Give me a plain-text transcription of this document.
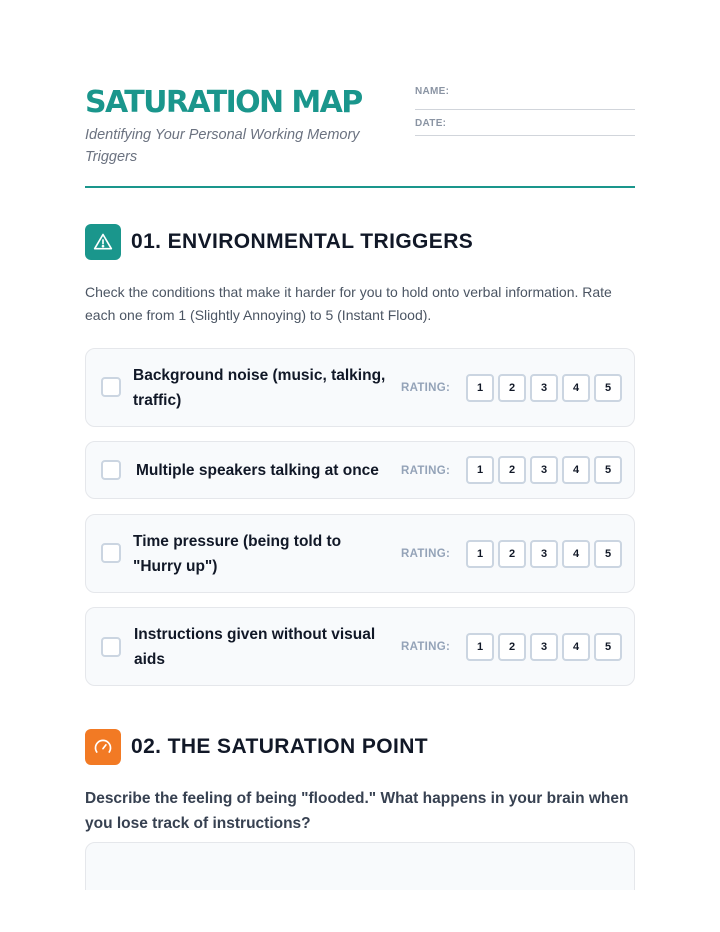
SATURATION MAP
Identifying Your Personal Working Memory Triggers
NAME:
DATE:
01. ENVIRONMENTAL TRIGGERS
Check the conditions that make it harder for you to hold onto verbal information. Rate each one from 1 (Slightly Annoying) to 5 (Instant Flood).
Background noise (music, talking, traffic)
RATING:	1	2	3	4	5
Multiple speakers talking at once	RATING:	1	2	3	4	5
Time pressure (being told to "Hurry up")
RATING:	1	2	3	4	5
Instructions given without visual aids
RATING:	1	2	3	4	5
02. THE SATURATION POINT
Describe the feeling of being "flooded." What happens in your brain when you lose track of instructions?
